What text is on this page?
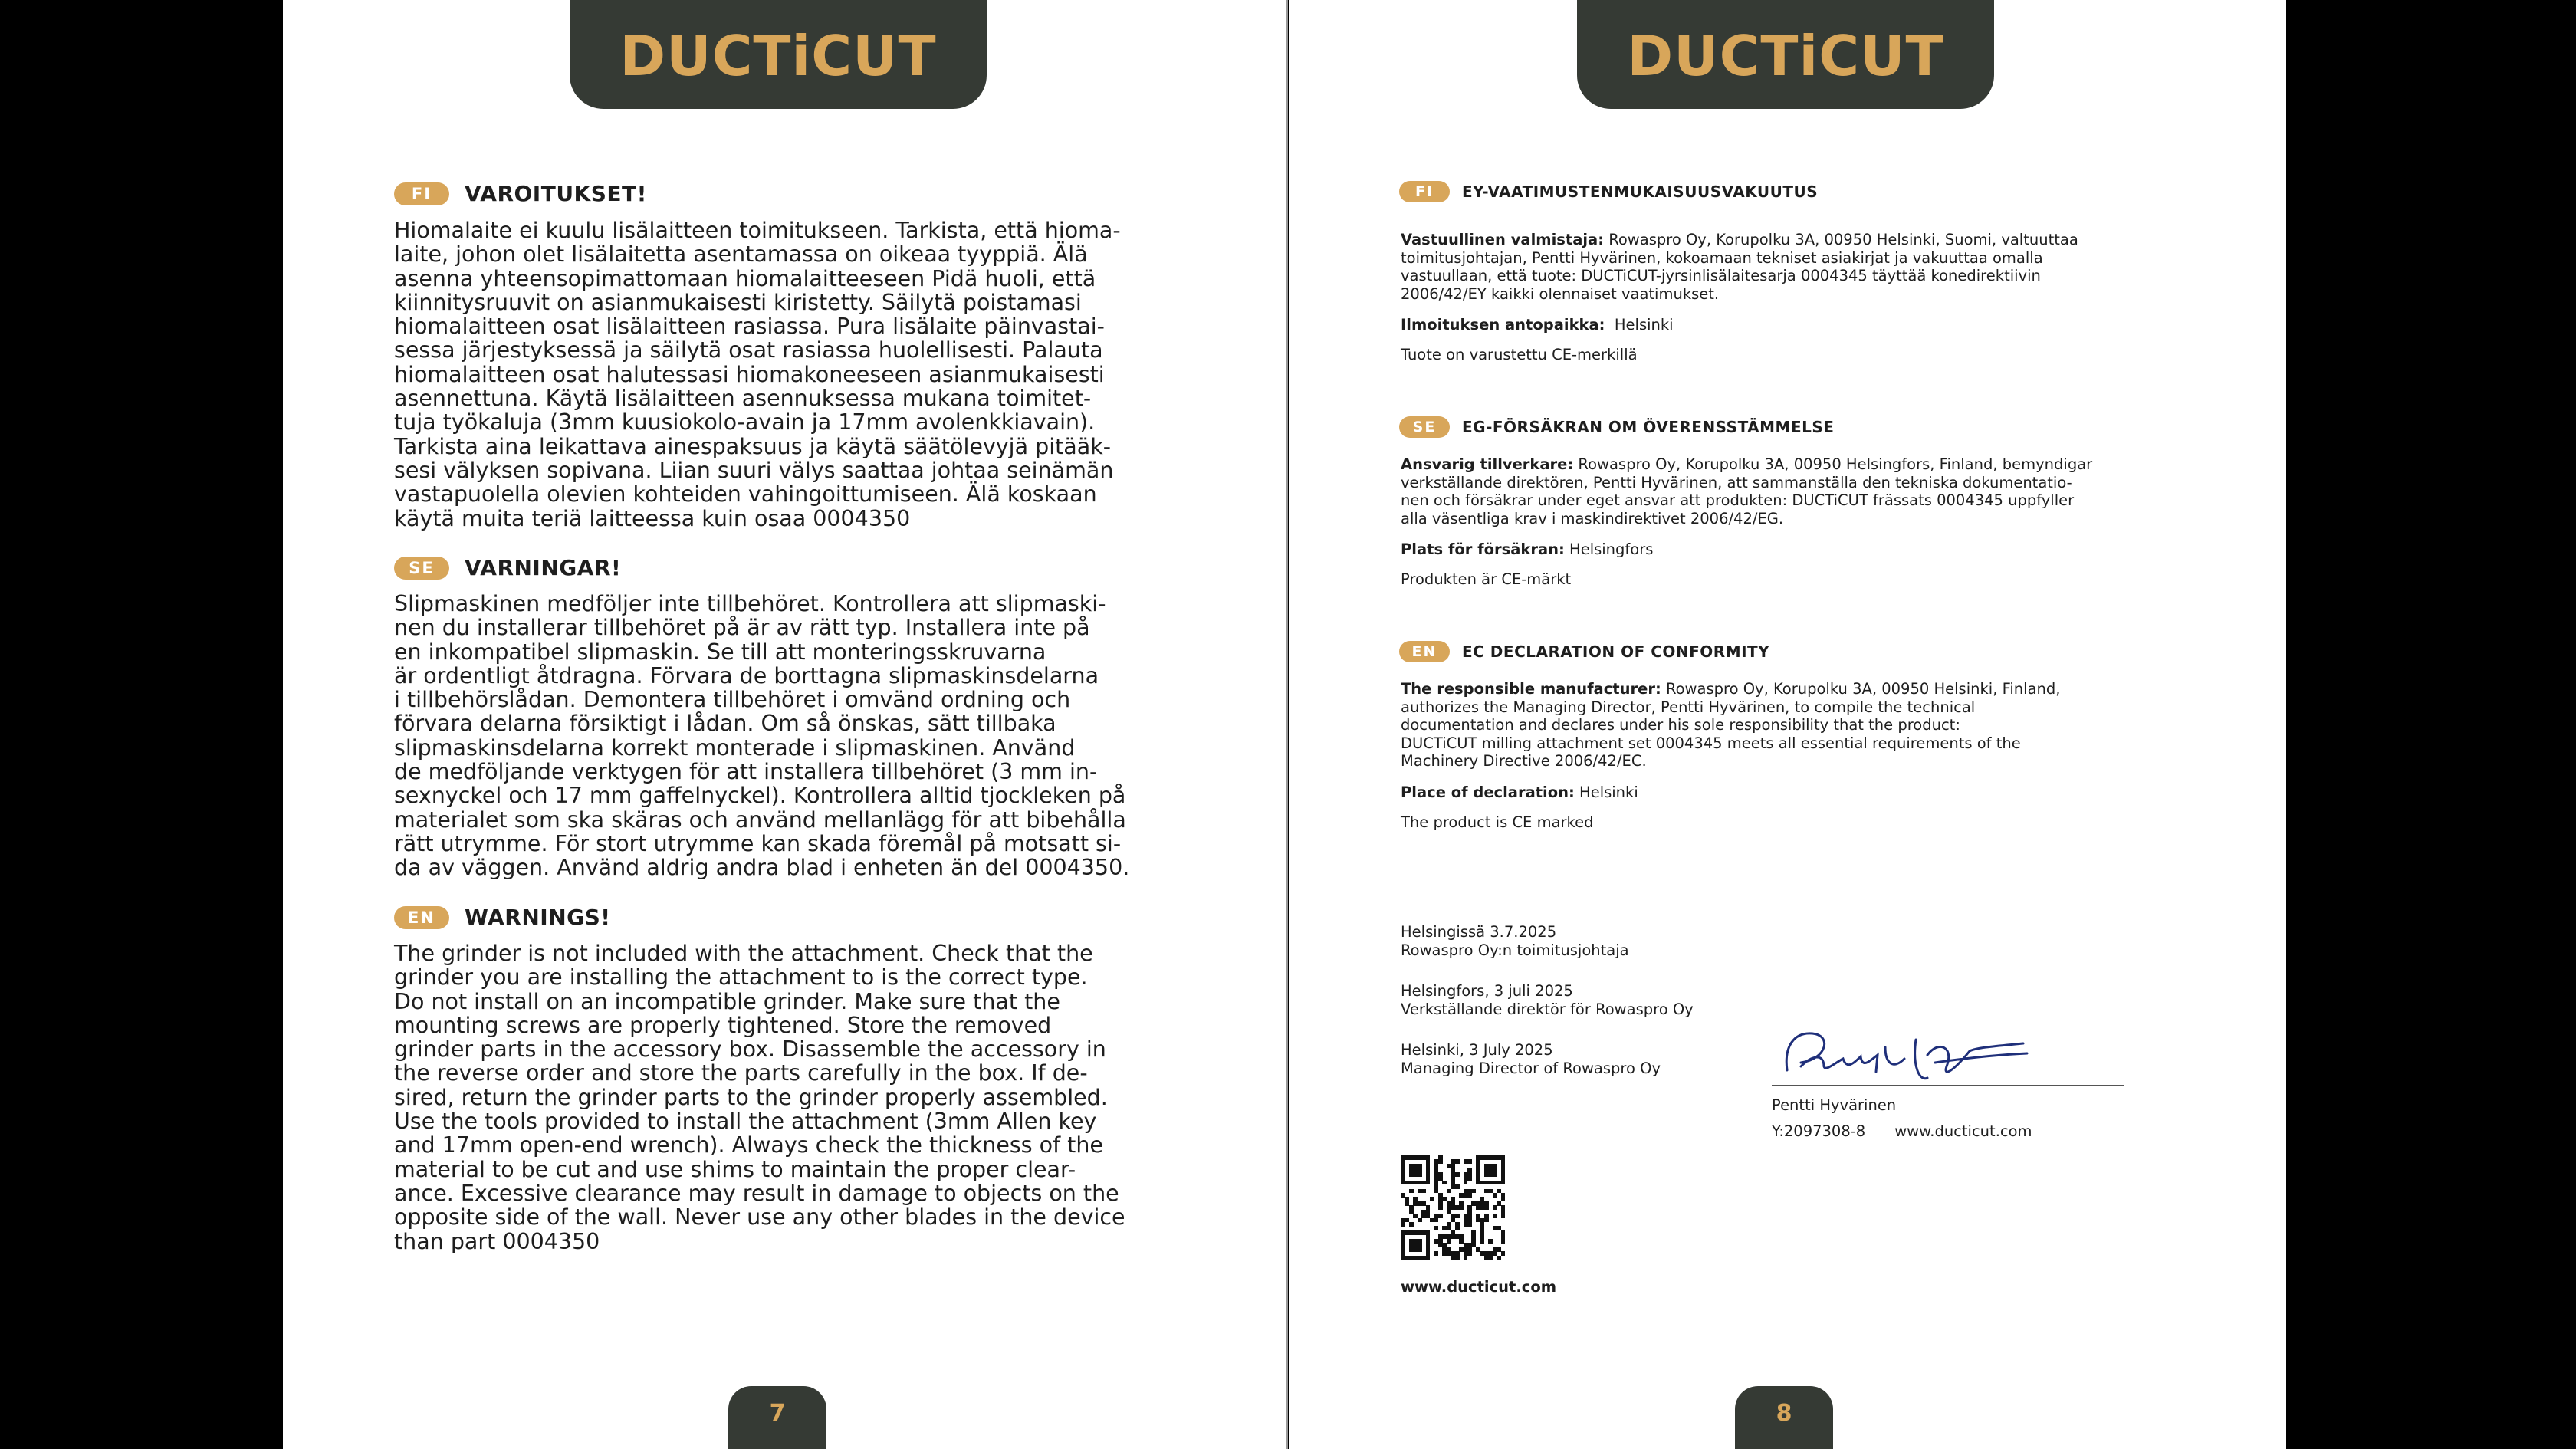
DUCTiCUT
FI	VAROITUKSET!
Hiomalaite ei kuulu lisälaitteen toimitukseen. Tarkista, että hioma-
laite, johon olet lisälaitetta asentamassa on oikeaa tyyppiä. Älä
asenna yhteensopimattomaan hiomalaitteeseen Pidä huoli, että
kiinnitysruuvit on asianmukaisesti kiristetty. Säilytä poistamasi
hiomalaitteen osat lisälaitteen rasiassa. Pura lisälaite päinvastai-
sessa järjestyksessä ja säilytä osat rasiassa huolellisesti. Palauta
hiomalaitteen osat halutessasi hiomakoneeseen asianmukaisesti
asennettuna. Käytä lisälaitteen asennuksessa mukana toimitet-
tuja työkaluja (3mm kuusiokolo-avain ja 17mm avolenkkiavain).
Tarkista aina leikattava ainespaksuus ja käytä säätölevyjä pitääk-
sesi välyksen sopivana. Liian suuri välys saattaa johtaa seinämän
vastapuolella olevien kohteiden vahingoittumiseen. Älä koskaan
käytä muita teriä laitteessa kuin osaa 0004350
SE	VARNINGAR!
Slipmaskinen medföljer inte tillbehöret. Kontrollera att slipmaski-
nen du installerar tillbehöret på är av rätt typ. Installera inte på
en inkompatibel slipmaskin. Se till att monteringsskruvarna
är ordentligt åtdragna. Förvara de borttagna slipmaskinsdelarna
i tillbehörslådan. Demontera tillbehöret i omvänd ordning och
förvara delarna försiktigt i lådan. Om så önskas, sätt tillbaka
slipmaskinsdelarna korrekt monterade i slipmaskinen. Använd
de medföljande verktygen för att installera tillbehöret (3 mm in-
sexnyckel och 17 mm gaffelnyckel). Kontrollera alltid tjockleken på
materialet som ska skäras och använd mellanlägg för att bibehålla
rätt utrymme. För stort utrymme kan skada föremål på motsatt si-
da av väggen. Använd aldrig andra blad i enheten än del 0004350.
EN	WARNINGS!
The grinder is not included with the attachment. Check that the
grinder you are installing the attachment to is the correct type.
Do not install on an incompatible grinder. Make sure that the
mounting screws are properly tightened. Store the removed
grinder parts in the accessory box. Disassemble the accessory in
the reverse order and store the parts carefully in the box. If de-
sired, return the grinder parts to the grinder properly assembled.
Use the tools provided to install the attachment (3mm Allen key
and 17mm open-end wrench). Always check the thickness of the
material to be cut and use shims to maintain the proper clear-
ance. Excessive clearance may result in damage to objects on the
opposite side of the wall. Never use any other blades in the device
than part 0004350
7
DUCTiCUT
FI	EY-VAATIMUSTENMUKAISUUSVAKUUTUS
Vastuullinen valmistaja: Rowaspro Oy, Korupolku 3A, 00950 Helsinki, Suomi, valtuuttaa
toimitusjohtajan, Pentti Hyvärinen, kokoamaan tekniset asiakirjat ja vakuuttaa omalla
vastuullaan, että tuote: DUCTiCUT-jyrsinlisälaitesarja 0004345 täyttää konedirektiivin
2006/42/EY kaikki olennaiset vaatimukset.
Ilmoituksen antopaikka: Helsinki
Tuote on varustettu CE-merkillä
SE	EG-FÖRSÄKRAN OM ÖVERENSSTÄMMELSE
Ansvarig tillverkare: Rowaspro Oy, Korupolku 3A, 00950 Helsingfors, Finland, bemyndigar
verkställande direktören, Pentti Hyvärinen, att sammanställa den tekniska dokumentatio-
nen och försäkrar under eget ansvar att produkten: DUCTiCUT frässats 0004345 uppfyller
alla väsentliga krav i maskindirektivet 2006/42/EG.
Plats för försäkran: Helsingfors
Produkten är CE-märkt
EN	EC DECLARATION OF CONFORMITY
The responsible manufacturer: Rowaspro Oy, Korupolku 3A, 00950 Helsinki, Finland,
authorizes the Managing Director, Pentti Hyvärinen, to compile the technical
documentation and declares under his sole responsibility that the product:
DUCTiCUT milling attachment set 0004345 meets all essential requirements of the
Machinery Directive 2006/42/EC.
Place of declaration: Helsinki
The product is CE marked
Helsingissä 3.7.2025
Rowaspro Oy:n toimitusjohtaja
Helsingfors, 3 juli 2025
Verkställande direktör för Rowaspro Oy
Helsinki, 3 July 2025
Managing Director of Rowaspro Oy
Pentti Hyvärinen
Y:2097308-8 www.ducticut.com
www.ducticut.com
8
